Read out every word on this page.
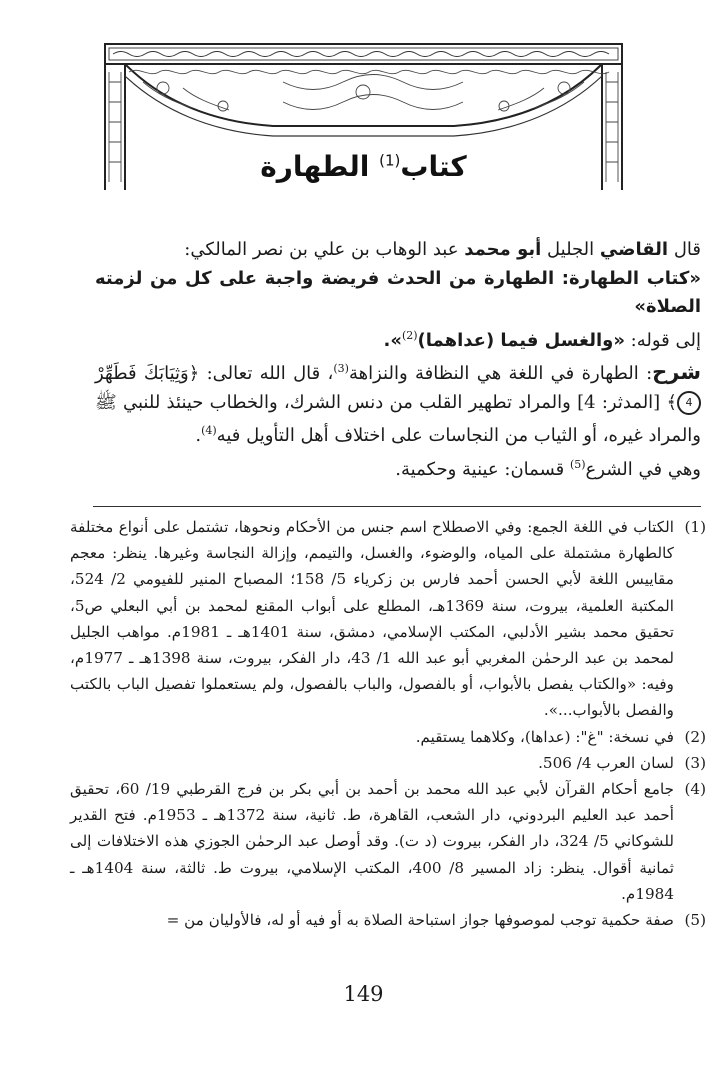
كتاب$^{(1)}$ الطهارة

قال القاضي الجليل أبو محمد عبد الوهاب بن علي بن نصر المالكي:

«كتاب الطهارة: الطهارة من الحدث فريضة واجبة على كل من لزمته الصلاة»

إلى قوله: «والغسل فيما (عداهما)$^{(2)}$».

شرح: الطهارة في اللغة هي النظافة والنزاهة$^{(3)}$، قال الله تعالى: ﴿وَثِيَابَكَ فَطَهِّرْ 4﴾ [المدثر: 4] والمراد تطهير القلب من دنس الشرك، والخطاب حينئذ للنبي ﷺ والمراد غيره، أو الثياب من النجاسات على اختلاف أهل التأويل فيه$^{(4)}$.

وهي في الشرع$^{(5)}$ قسمان: عينية وحكمية.

(1)
الكتاب في اللغة الجمع: وفي الاصطلاح اسم جنس من الأحكام ونحوها، تشتمل على أنواع مختلفة كالطهارة مشتملة على المياه، والوضوء، والغسل، والتيمم، وإزالة النجاسة وغيرها. ينظر: معجم مقاييس اللغة لأبي الحسن أحمد فارس بن زكرياء 5/ 158؛ المصباح المنير للفيومي 2/ 524، المكتبة العلمية، بيروت، سنة 1369هـ، المطلع على أبواب المقنع لمحمد بن أبي البعلي ص5، تحقيق محمد بشير الأدلبي، المكتب الإسلامي، دمشق، سنة 1401هـ ـ 1981م. مواهب الجليل لمحمد بن عبد الرحمٰن المغربي أبو عبد الله 1/ 43، دار الفكر، بيروت، سنة 1398هـ ـ 1977م، وفيه: «والكتاب يفصل بالأبواب، أو بالفصول، والباب بالفصول، ولم يستعملوا تفصيل الباب بالكتب والفصل بالأبواب...».
(2)
في نسخة: "غ": (عداها)، وكلاهما يستقيم.
(3)
لسان العرب 4/ 506.
(4)
جامع أحكام القرآن لأبي عبد الله محمد بن أحمد بن أبي بكر بن فرج القرطبي 19/ 60، تحقيق أحمد عبد العليم البردوني، دار الشعب، القاهرة، ط. ثانية، سنة 1372هـ ـ 1953م. فتح القدير للشوكاني 5/ 324، دار الفكر، بيروت (د ت). وقد أوصل عبد الرحمٰن الجوزي هذه الاختلافات إلى ثمانية أقوال. ينظر: زاد المسير 8/ 400، المكتب الإسلامي، بيروت ط. ثالثة، سنة 1404هـ ـ 1984م.
(5)
صفة حكمية توجب لموصوفها جواز استباحة الصلاة به أو فيه أو له، فالأوليان من =
149
